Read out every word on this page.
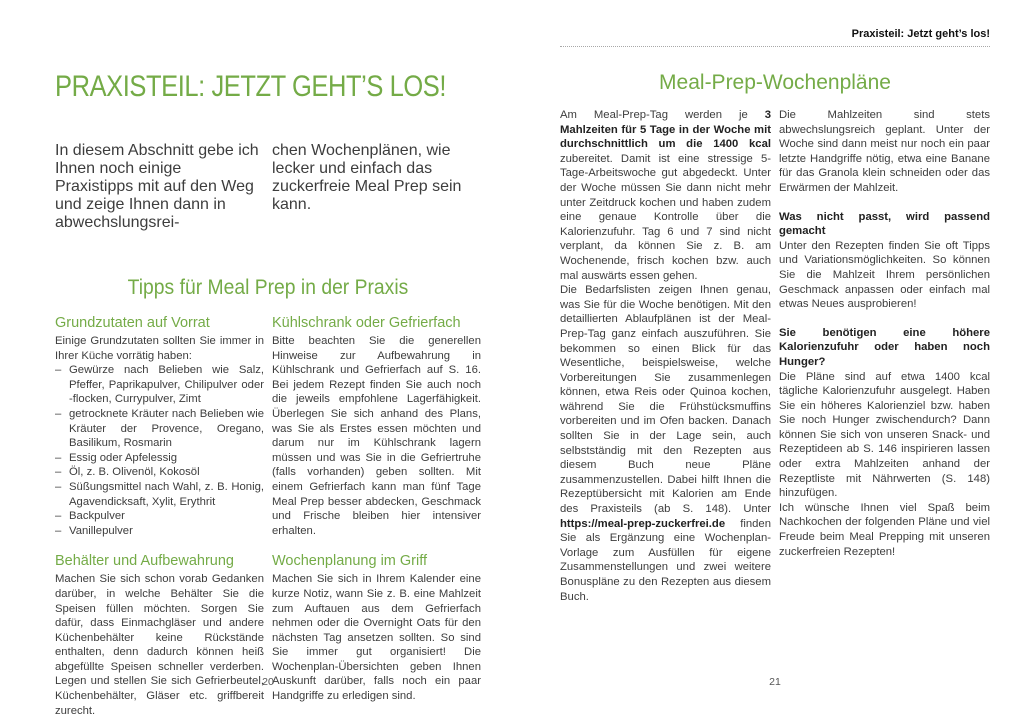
PRAXISTEIL: JETZT GEHT’S LOS!

In diesem Abschnitt gebe ich Ihnen noch einige Praxistipps mit auf den Weg und zeige Ihnen dann in abwechslungsrei-

chen Wochenplänen, wie lecker und einfach das zuckerfreie Meal Prep sein kann.

Tipps für Meal Prep in der Praxis
Grundzutaten auf Vorrat

Einige Grundzutaten sollten Sie immer in Ihrer Küche vorrätig haben:

– Gewürze nach Belieben wie Salz, Pfeffer, Paprikapulver, Chilipulver oder -flocken, Currypulver, Zimt
– getrocknete Kräuter nach Belieben wie Kräuter der Provence, Oregano, Basilikum, Rosmarin
– Essig oder Apfelessig
– Öl, z. B. Olivenöl, Kokosöl
– Süßungsmittel nach Wahl, z. B. Honig, Agavendicksaft, Xylit, Erythrit
– Backpulver
– Vanillepulver
Behälter und Aufbewahrung

Machen Sie sich schon vorab Gedanken darüber, in welche Behälter Sie die Speisen füllen möchten. Sorgen Sie dafür, dass Einmachgläser und andere Küchenbehälter keine Rückstände enthalten, denn dadurch können heiß abgefüllte Speisen schneller verderben. Legen und stellen Sie sich Gefrierbeutel, Küchenbehälter, Gläser etc. griffbereit zurecht.

Kühlschrank oder Gefrierfach

Bitte beachten Sie die generellen Hinweise zur Aufbewahrung in Kühlschrank und Gefrierfach auf S. 16. Bei jedem Rezept finden Sie auch noch die jeweils empfohlene Lagerfähigkeit. Überlegen Sie sich anhand des Plans, was Sie als Erstes essen möchten und darum nur im Kühlschrank lagern müssen und was Sie in die Gefriertruhe (falls vorhanden) geben sollten. Mit einem Gefrierfach kann man fünf Tage Meal Prep besser abdecken, Geschmack und Frische bleiben hier intensiver erhalten.

Wochenplanung im Griff

Machen Sie sich in Ihrem Kalender eine kurze Notiz, wann Sie z. B. eine Mahlzeit zum Auftauen aus dem Gefrierfach nehmen oder die Overnight Oats für den nächsten Tag ansetzen sollten. So sind Sie immer gut organisiert! Die Wochenplan-Übersichten geben Ihnen Auskunft darüber, falls noch ein paar Handgriffe zu erledigen sind.

Praxisteil: Jetzt geht’s los!
Meal-Prep-Wochenpläne

Am Meal-Prep-Tag werden je 3 Mahlzeiten für 5 Tage in der Woche mit durchschnittlich um die 1400 kcal zubereitet. Damit ist eine stressige 5-Tage-Arbeitswoche gut abgedeckt. Unter der Woche müssen Sie dann nicht mehr unter Zeitdruck kochen und haben zudem eine genaue Kontrolle über die Kalorienzufuhr. Tag 6 und 7 sind nicht verplant, da können Sie z. B. am Wochenende, frisch kochen bzw. auch mal auswärts essen gehen.

Die Bedarfslisten zeigen Ihnen genau, was Sie für die Woche benötigen. Mit den detaillierten Ablaufplänen ist der Meal-Prep-Tag ganz einfach auszuführen. Sie bekommen so einen Blick für das Wesentliche, beispielsweise, welche Vorbereitungen Sie zusammenlegen können, etwa Reis oder Quinoa kochen, während Sie die Frühstücksmuffins vorbereiten und im Ofen backen. Danach sollten Sie in der Lage sein, auch selbstständig mit den Rezepten aus diesem Buch neue Pläne zusammenzustellen. Dabei hilft Ihnen die Rezeptübersicht mit Kalorien am Ende des Praxisteils (ab S. 148). Unter https://meal-prep-zuckerfrei.de finden Sie als Ergänzung eine Wochenplan-Vorlage zum Ausfüllen für eigene Zusammenstellungen und zwei weitere Bonuspläne zu den Rezepten aus diesem Buch.

Die Mahlzeiten sind stets abwechslungsreich geplant. Unter der Woche sind dann meist nur noch ein paar letzte Handgriffe nötig, etwa eine Banane für das Granola klein schneiden oder das Erwärmen der Mahlzeit.

Was nicht passt, wird passend gemacht

Unter den Rezepten finden Sie oft Tipps und Variationsmöglichkeiten. So können Sie die Mahlzeit Ihrem persönlichen Geschmack anpassen oder einfach mal etwas Neues ausprobieren!

Sie benötigen eine höhere Kalorienzufuhr oder haben noch Hunger?

Die Pläne sind auf etwa 1400 kcal tägliche Kalorienzufuhr ausgelegt. Haben Sie ein höheres Kalorienziel bzw. haben Sie noch Hunger zwischendurch? Dann können Sie sich von unseren Snack- und Rezeptideen ab S. 146 inspirieren lassen oder extra Mahlzeiten anhand der Rezeptliste mit Nährwerten (S. 148) hinzufügen.

Ich wünsche Ihnen viel Spaß beim Nachkochen der folgenden Pläne und viel Freude beim Meal Prepping mit unseren zuckerfreien Rezepten!

20	21
